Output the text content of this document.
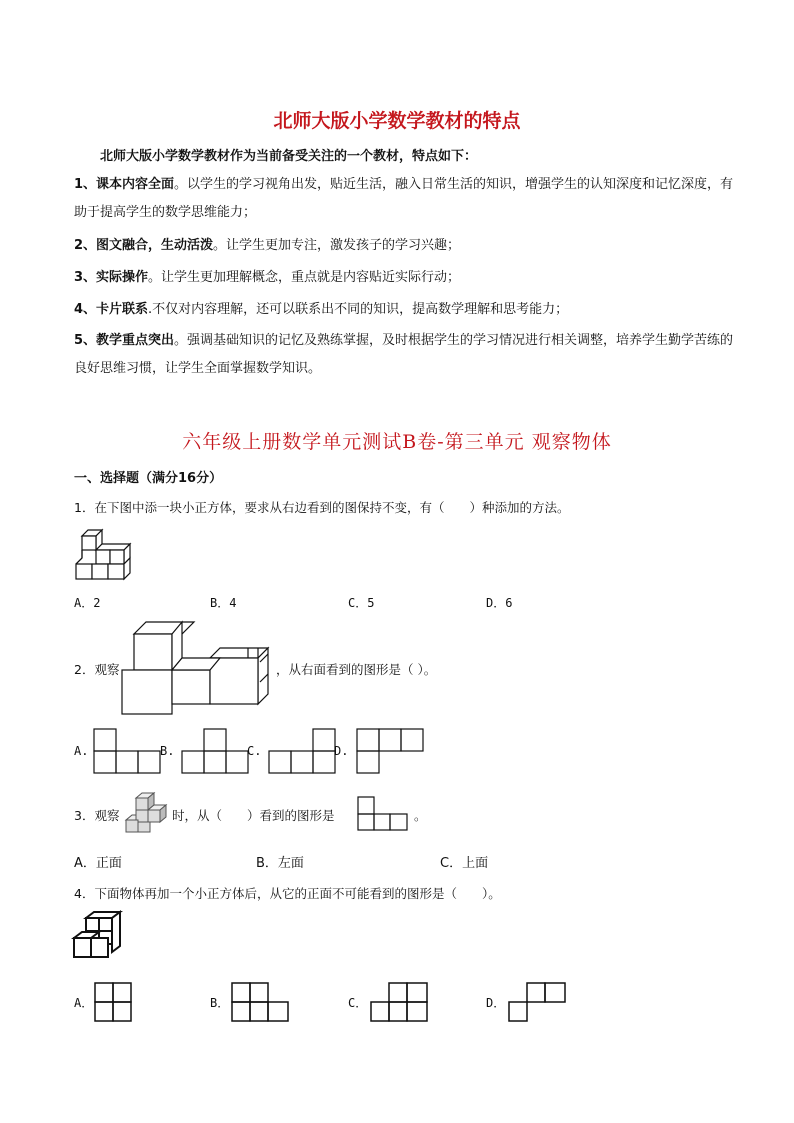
北师大版小学数学教材的特点
北师大版小学数学教材作为当前备受关注的一个教材，特点如下：
1、课本内容全面。以学生的学习视角出发，贴近生活，融入日常生活的知识，增强学生的认知深度和记忆深度，有助于提高学生的数学思维能力；
2、图文融合，生动活泼。让学生更加专注，激发孩子的学习兴趣；
3、实际操作。让学生更加理解概念，重点就是内容贴近实际行动；
4、卡片联系.不仅对内容理解，还可以联系出不同的知识，提高数学理解和思考能力；
5、教学重点突出。强调基础知识的记忆及熟练掌握，及时根据学生的学习情况进行相关调整，培养学生勤学苦练的良好思维习惯，让学生全面掌握数学知识。
六年级上册数学单元测试B卷-第三单元 观察物体
一、选择题（满分16分）
1．在下图中添一块小正方体，要求从右边看到的图保持不变，有（　　）种添加的方法。
A．2	B．4	C．5	D．6
2．观察	，从右面看到的图形是（ ）。
A.	B.	C.	D.
3．观察	时，从（　　）看到的图形是	。
A．正面	B．左面	C．上面
4．下面物体再加一个小正方体后，从它的正面不可能看到的图形是（　　）。
A．	B．	C．	D．
